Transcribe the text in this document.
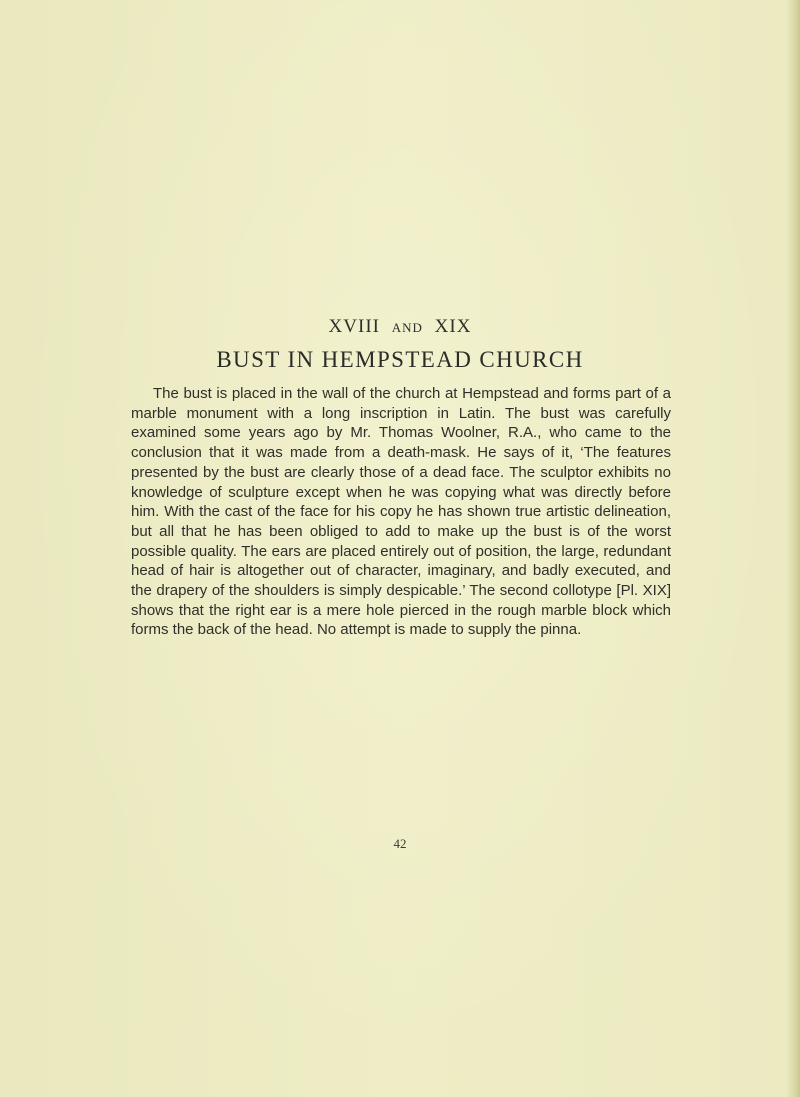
XVIII AND XIX
BUST IN HEMPSTEAD CHURCH

The bust is placed in the wall of the church at Hempstead and forms part of a marble monument with a long inscription in Latin. The bust was carefully examined some years ago by Mr. Thomas Woolner, R.A., who came to the conclusion that it was made from a death-mask. He says of it, ‘The features presented by the bust are clearly those of a dead face. The sculptor exhibits no knowledge of sculpture except when he was copying what was directly before him. With the cast of the face for his copy he has shown true artistic delineation, but all that he has been obliged to add to make up the bust is of the worst possible quality. The ears are placed entirely out of position, the large, redundant head of hair is altogether out of character, imaginary, and badly executed, and the drapery of the shoulders is simply despicable.’ The second collotype [Pl. XIX] shows that the right ear is a mere hole pierced in the rough marble block which forms the back of the head. No attempt is made to supply the pinna.

42
